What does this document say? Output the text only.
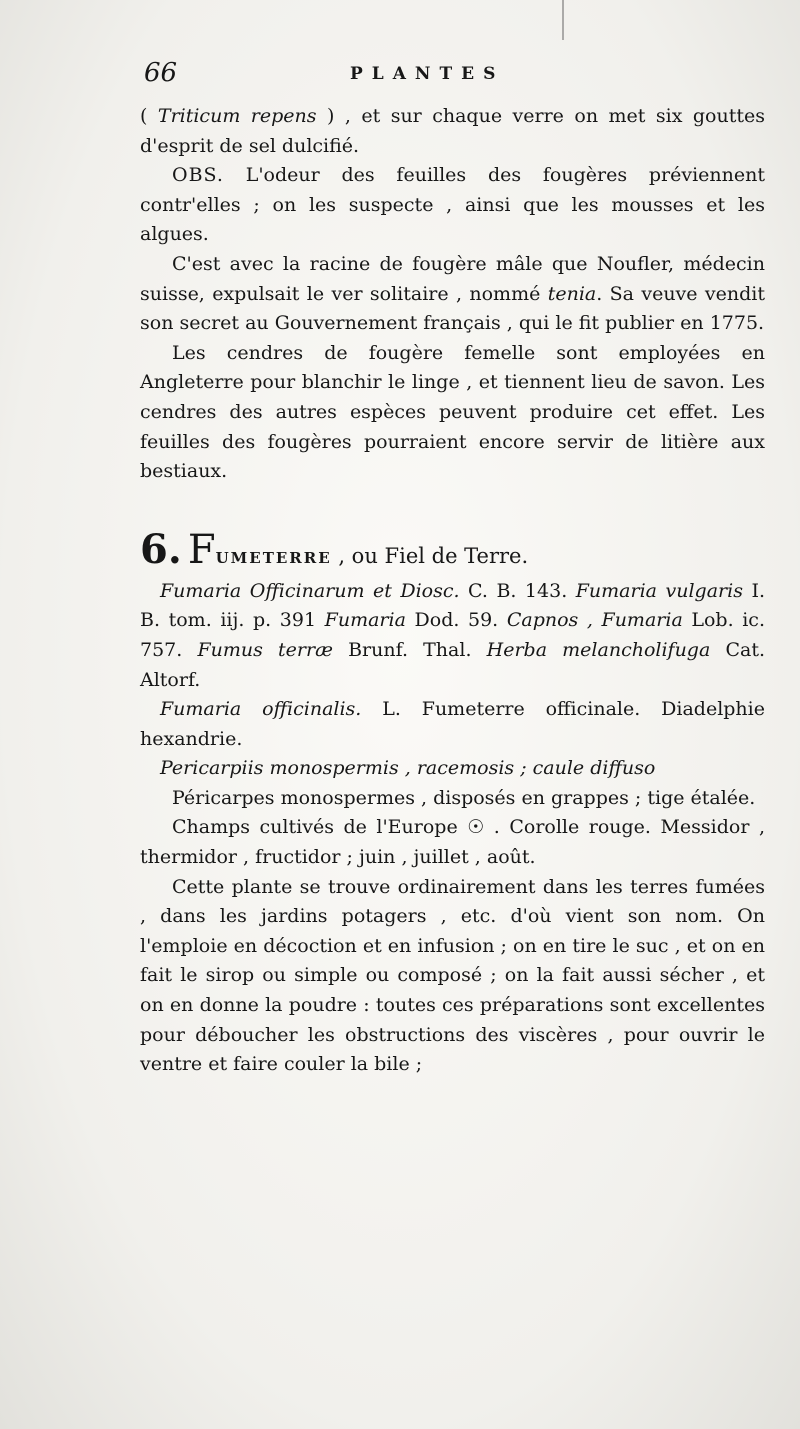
66	PLANTES

( Triticum repens ) , et sur chaque verre on met six gouttes d'esprit de sel dulcifié.

OBS. L'odeur des feuilles des fougères préviennent contr'elles ; on les suspecte , ainsi que les mousses et les algues.

C'est avec la racine de fougère mâle que Noufler, médecin suisse, expulsait le ver solitaire , nommé tenia. Sa veuve vendit son secret au Gouvernement français , qui le fit publier en 1775.

Les cendres de fougère femelle sont employées en Angleterre pour blanchir le linge , et tiennent lieu de savon. Les cendres des autres espèces peuvent produire cet effet. Les feuilles des fougères pourraient encore servir de litière aux bestiaux.

6. FUMETERRE , ou Fiel de Terre.

Fumaria Officinarum et Diosc. C. B. 143. Fumaria vulgaris I. B. tom. iij. p. 391 Fumaria Dod. 59. Capnos , Fumaria Lob. ic. 757. Fumus terræ Brunf. Thal. Herba melancholifuga Cat. Altorf.

Fumaria officinalis. L. Fumeterre officinale. Diadelphie hexandrie.

Pericarpiis monospermis , racemosis ; caule diffuso

Péricarpes monospermes , disposés en grappes ; tige étalée.

Champs cultivés de l'Europe ☉ . Corolle rouge. Messidor , thermidor , fructidor ; juin , juillet , août.

Cette plante se trouve ordinairement dans les terres fumées , dans les jardins potagers , etc. d'où vient son nom. On l'emploie en décoction et en infusion ; on en tire le suc , et on en fait le sirop ou simple ou composé ; on la fait aussi sécher , et on en donne la poudre : toutes ces préparations sont excellentes pour déboucher les obstructions des viscères , pour ouvrir le ventre et faire couler la bile ;
